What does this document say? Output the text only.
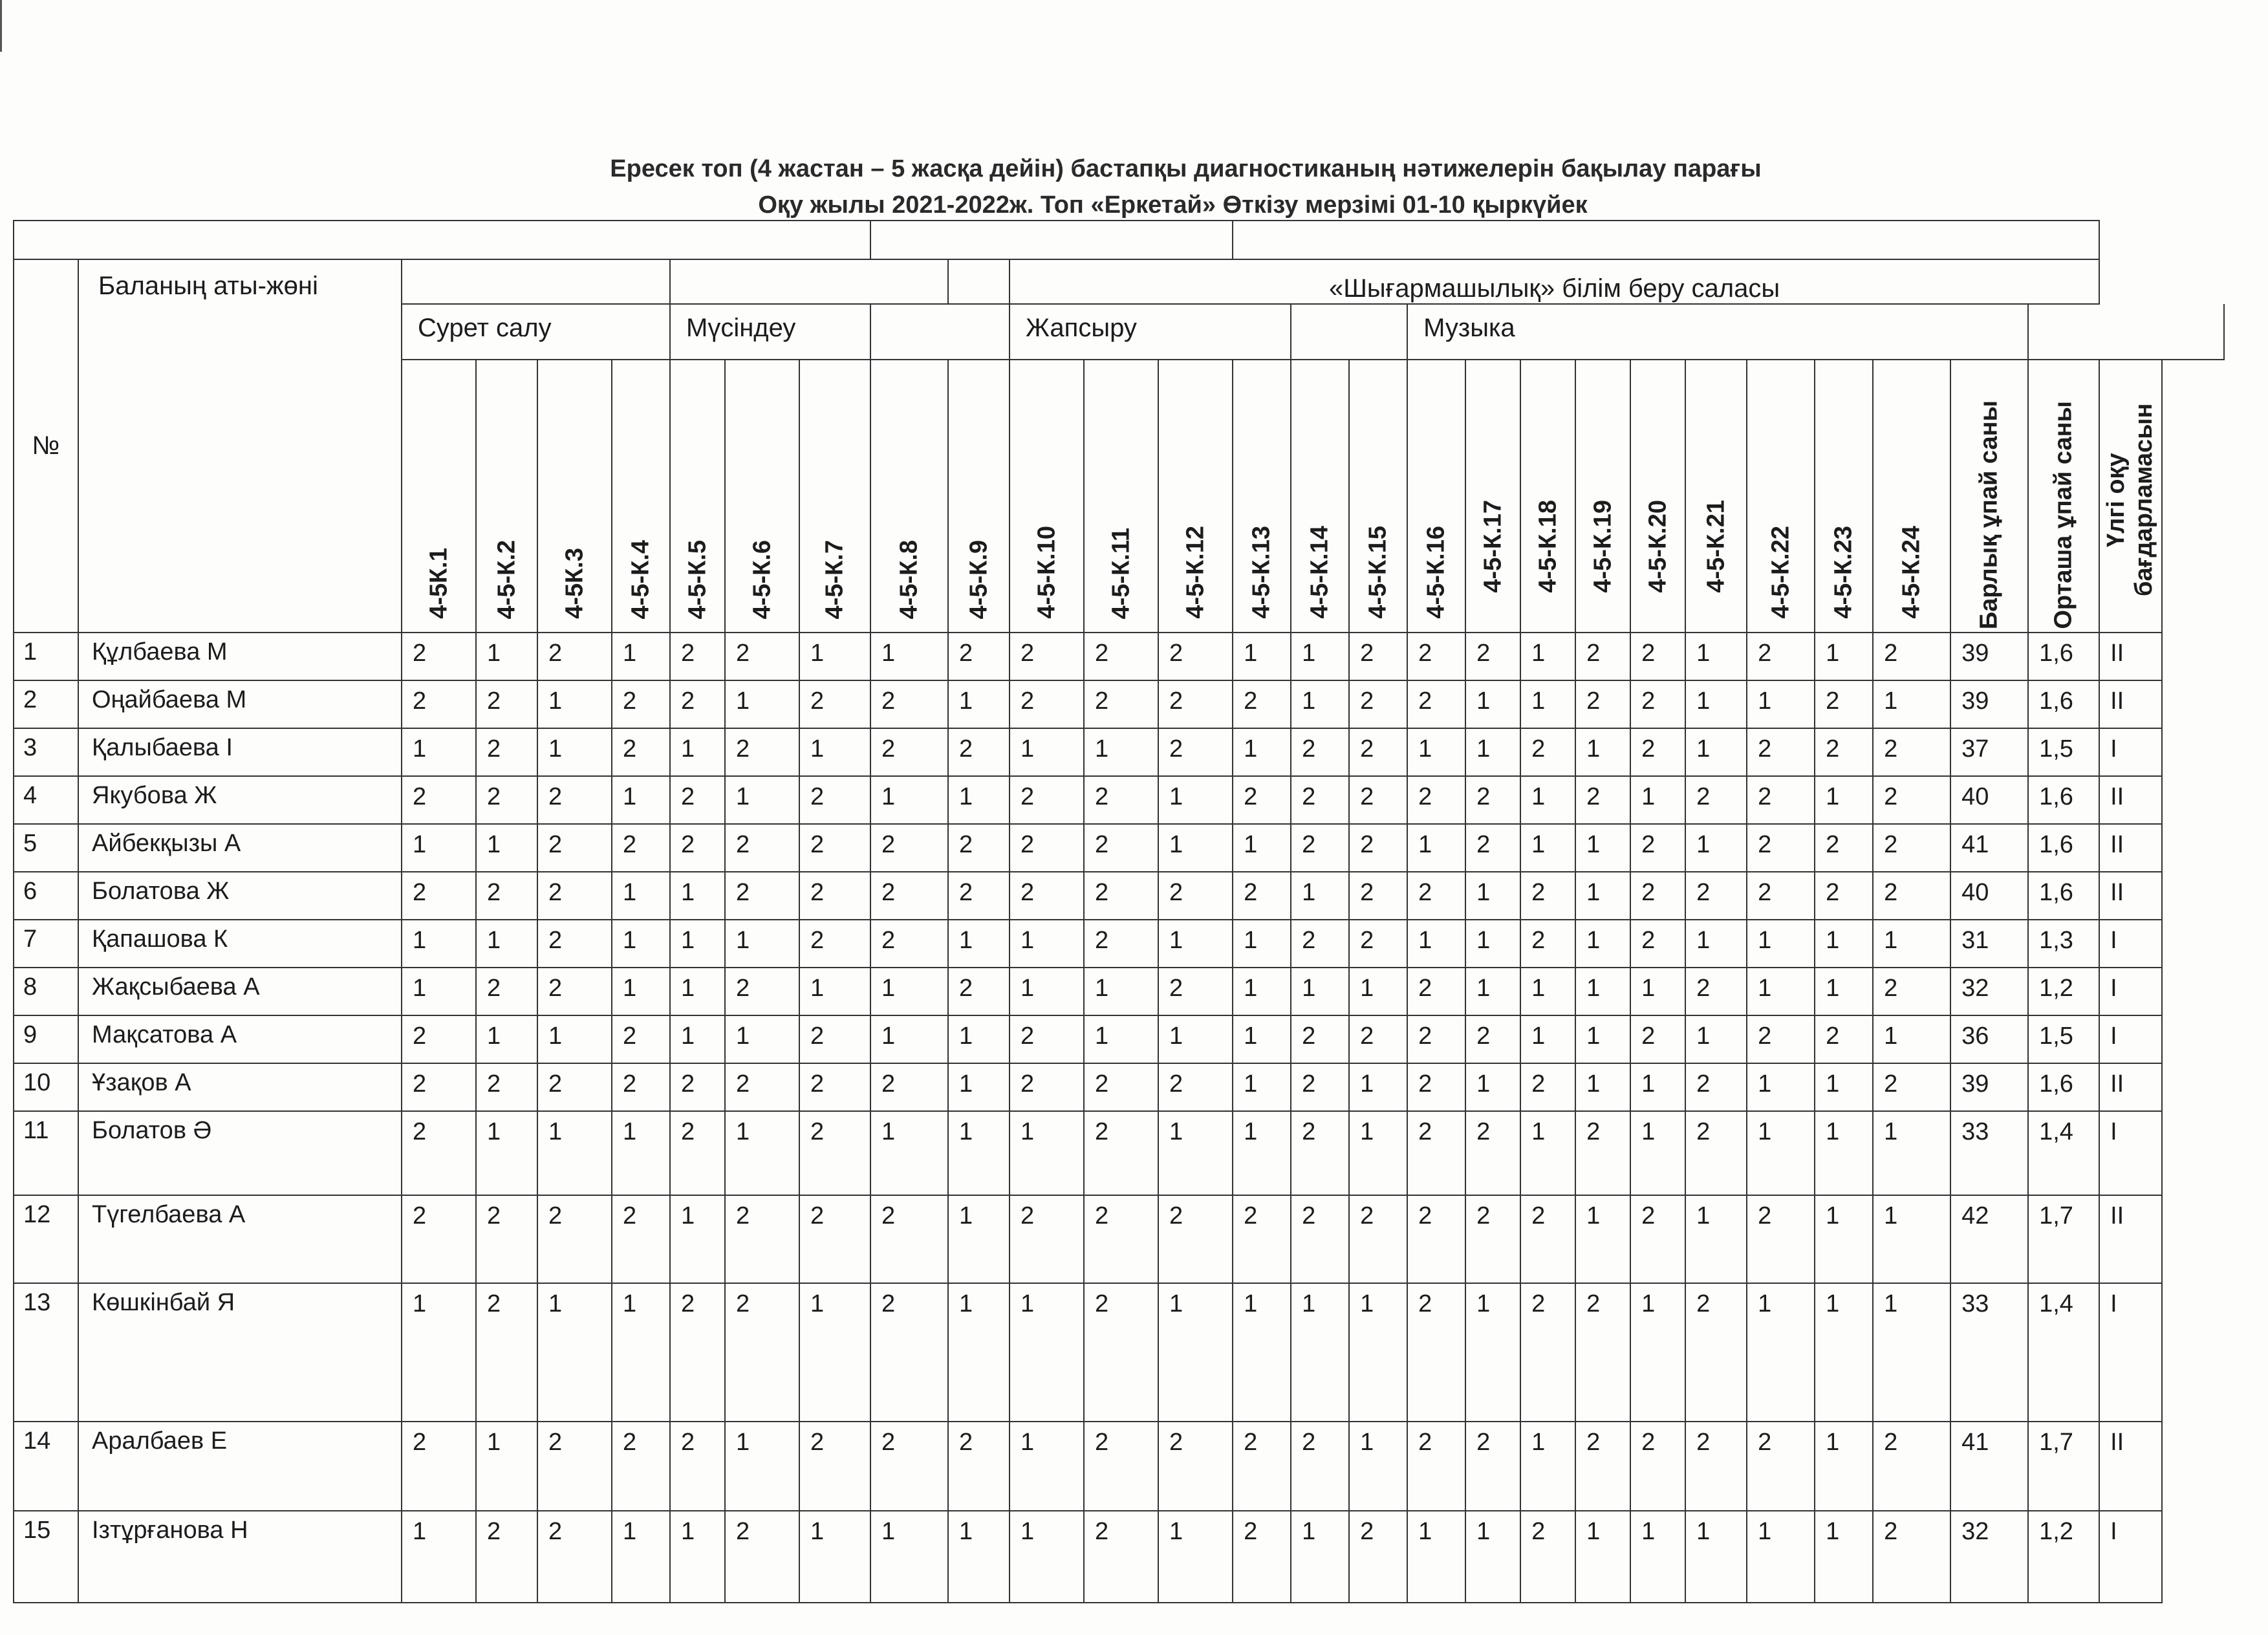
Ересек топ (4 жастан – 5 жасқа дейін) бастапқы диагностиканың нәтижелерін бақылау парағы
Оқу жылы 2021-2022ж. Топ «Еркетай» Өткізу мерзімі 01-10 қыркүйек

№	Баланың аты-жөні										«Шығармашылық» білім беру саласы																	
		Сурет салу				Мүсіндеу					Жапсыру						Музыка											

		4-5К.1	4-5-К.2	4-5К.3	4-5-К.4	4-5-К.5	4-5-К.6	4-5-К.7	4-5-К.8	4-5-К.9	4-5-К.10	4-5-К.11	4-5-К.12	4-5-К.13	4-5-К.14	4-5-К.15	4-5-К.16	4-5-К.17	4-5-К.18	4-5-К.19	4-5-К.20	4-5-К.21	4-5-К.22	4-5-К.23	4-5-К.24	Барлық ұпай саны	Орташа ұпай саны	Үлгі оқу бағдарламасын

1	Құлбаева М	2	1	2	1	2	2	1	1	2	2	2	2	1	1	2	2	2	1	2	2	1	2	1	2	39	1,6	II
2	Оңайбаева М	2	2	1	2	2	1	2	2	1	2	2	2	2	1	2	2	1	1	2	2	1	1	2	1	39	1,6	II
3	Қалыбаева І	1	2	1	2	1	2	1	2	2	1	1	2	1	2	2	1	1	2	1	2	1	2	2	2	37	1,5	I
4	Якубова Ж	2	2	2	1	2	1	2	1	1	2	2	1	2	2	2	2	2	1	2	1	2	2	1	2	40	1,6	II
5	Айбекқызы А	1	1	2	2	2	2	2	2	2	2	2	1	1	2	2	1	2	1	1	2	1	2	2	2	41	1,6	II
6	Болатова Ж	2	2	2	1	1	2	2	2	2	2	2	2	2	1	2	2	1	2	1	2	2	2	2	2	40	1,6	II
7	Қапашова К	1	1	2	1	1	1	2	2	1	1	2	1	1	2	2	1	1	2	1	2	1	1	1	1	31	1,3	I
8	Жақсыбаева А	1	2	2	1	1	2	1	1	2	1	1	2	1	1	1	2	1	1	1	1	2	1	1	2	32	1,2	I
9	Мақсатова А	2	1	1	2	1	1	2	1	1	2	1	1	1	2	2	2	2	1	1	2	1	2	2	1	36	1,5	I
10	Ұзақов А	2	2	2	2	2	2	2	2	1	2	2	2	1	2	1	2	1	2	1	1	2	1	1	2	39	1,6	II
11	Болатов Ә	2	1	1	1	2	1	2	1	1	1	2	1	1	2	1	2	2	1	2	1	2	1	1	1	33	1,4	I
12	Түгелбаева А	2	2	2	2	1	2	2	2	1	2	2	2	2	2	2	2	2	2	1	2	1	2	1	1	42	1,7	II
13	Көшкінбай Я	1	2	1	1	2	2	1	2	1	1	2	1	1	1	1	2	1	2	2	1	2	1	1	1	33	1,4	I
14	Аралбаев Е	2	1	2	2	2	1	2	2	2	1	2	2	2	2	1	2	2	1	2	2	2	2	1	2	41	1,7	II
15	Ізтұрғанова Н	1	2	2	1	1	2	1	1	1	1	2	1	2	1	2	1	1	2	1	1	1	1	1	2	32	1,2	I
